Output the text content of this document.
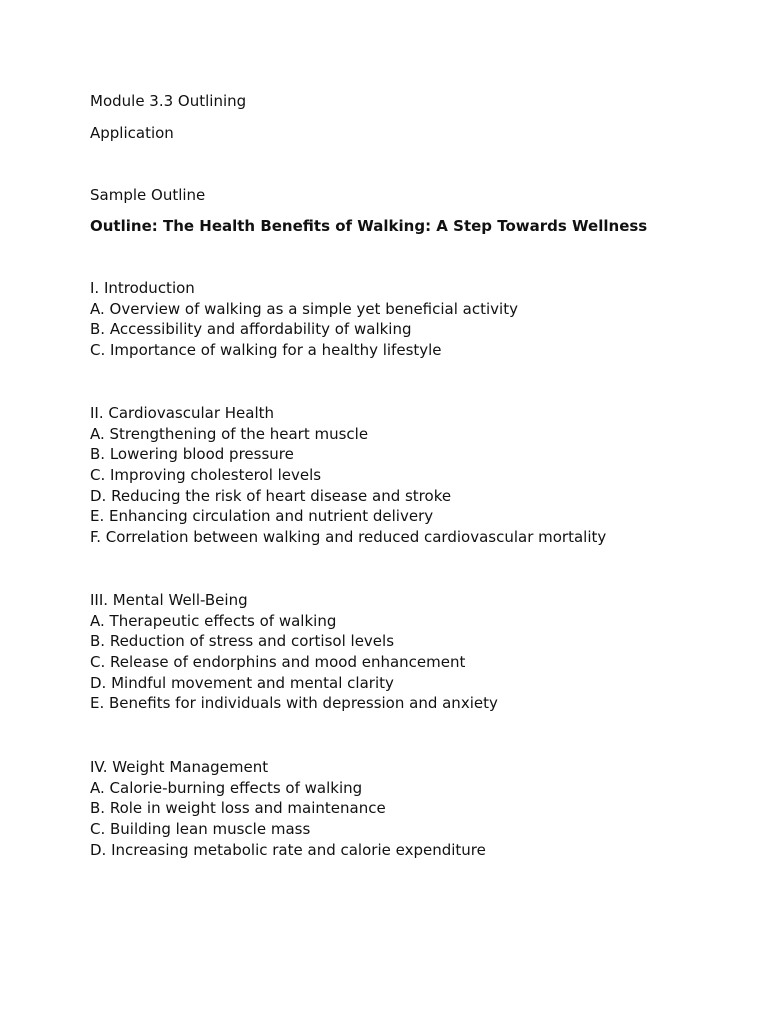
Module 3.3 Outlining

Application

Sample Outline

Outline: The Health Benefits of Walking: A Step Towards Wellness

I. Introduction
A. Overview of walking as a simple yet beneficial activity
B. Accessibility and affordability of walking
C. Importance of walking for a healthy lifestyle
II. Cardiovascular Health
A. Strengthening of the heart muscle
B. Lowering blood pressure
C. Improving cholesterol levels
D. Reducing the risk of heart disease and stroke
E. Enhancing circulation and nutrient delivery
F. Correlation between walking and reduced cardiovascular mortality
III. Mental Well-Being
A. Therapeutic effects of walking
B. Reduction of stress and cortisol levels
C. Release of endorphins and mood enhancement
D. Mindful movement and mental clarity
E. Benefits for individuals with depression and anxiety
IV. Weight Management
A. Calorie-burning effects of walking
B. Role in weight loss and maintenance
C. Building lean muscle mass
D. Increasing metabolic rate and calorie expenditure
